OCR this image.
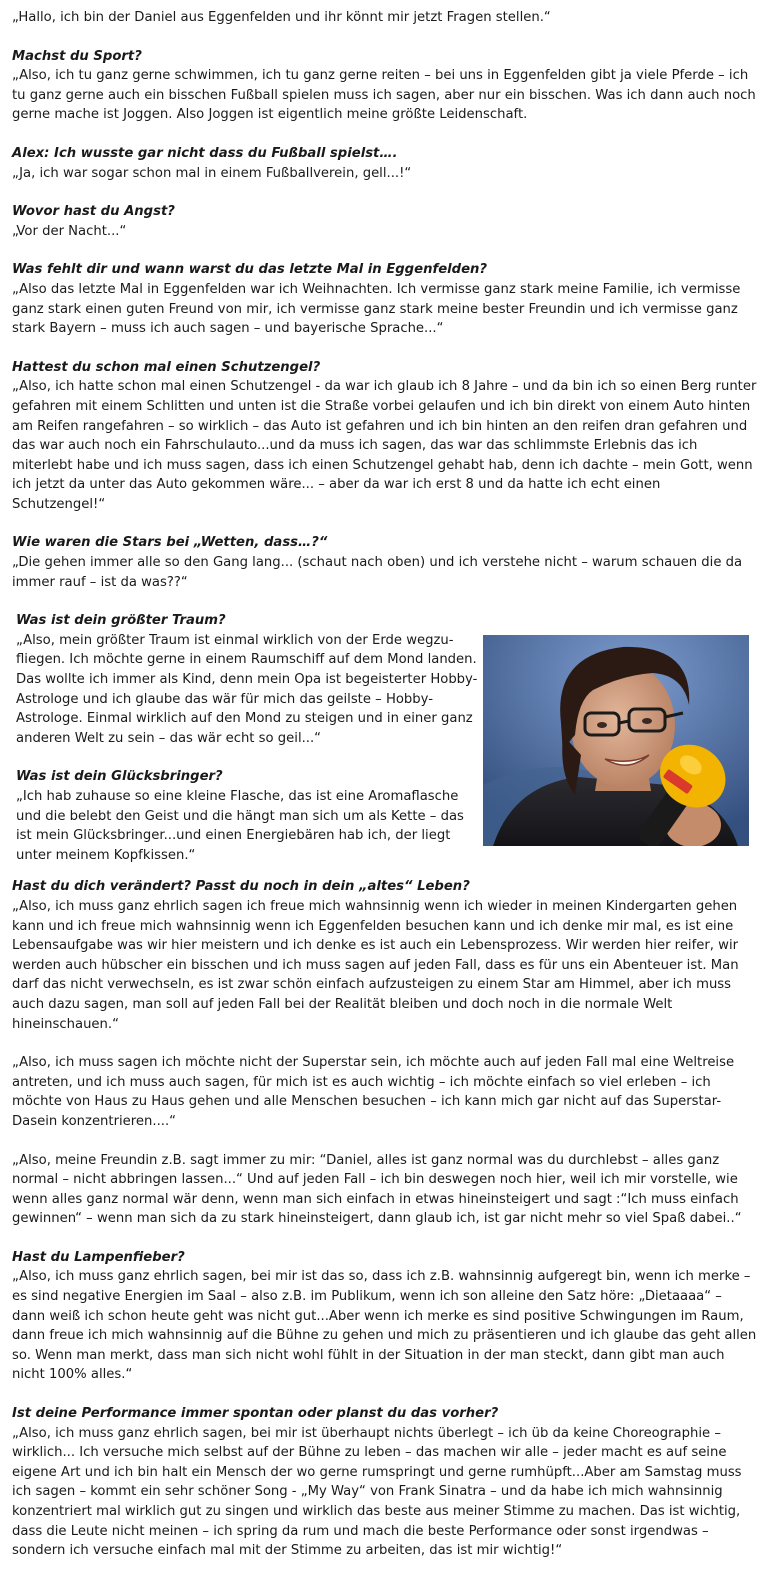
„Hallo, ich bin der Daniel aus Eggenfelden und ihr könnt mir jetzt Fragen stellen.“

Machst du Sport?

„Also, ich tu ganz gerne schwimmen, ich tu ganz gerne reiten – bei uns in Eggenfelden gibt ja viele Pferde – ich tu ganz gerne auch ein bisschen Fußball spielen muss ich sagen, aber nur ein bisschen. Was ich dann auch noch gerne mache ist Joggen. Also Joggen ist eigentlich meine größte Leidenschaft.

Alex: Ich wusste gar nicht dass du Fußball spielst….

„Ja, ich war sogar schon mal in einem Fußballverein, gell...!“

Wovor hast du Angst?

„Vor der Nacht...“

Was fehlt dir und wann warst du das letzte Mal in Eggenfelden?

„Also das letzte Mal in Eggenfelden war ich Weihnachten. Ich vermisse ganz stark meine Familie, ich vermisse ganz stark einen guten Freund von mir, ich vermisse ganz stark meine bester Freundin und ich vermisse ganz stark Bayern – muss ich auch sagen – und bayerische Sprache...“

Hattest du schon mal einen Schutzengel?

„Also, ich hatte schon mal einen Schutzengel - da war ich glaub ich 8 Jahre – und da bin ich so einen Berg runter gefahren mit einem Schlitten und unten ist die Straße vorbei gelaufen und ich bin direkt von einem Auto hinten am Reifen rangefahren – so wirklich – das Auto ist gefahren und ich bin hinten an den reifen dran gefahren und das war auch noch ein Fahrschulauto...und da muss ich sagen, das war das schlimmste Erlebnis das ich miterlebt habe und ich muss sagen, dass ich einen Schutzengel gehabt hab, denn ich dachte – mein Gott, wenn ich jetzt da unter das Auto gekommen wäre... – aber da war ich erst 8 und da hatte ich echt einen Schutzengel!“

Wie waren die Stars bei „Wetten, dass…?“

„Die gehen immer alle so den Gang lang... (schaut nach oben) und ich verstehe nicht – warum schauen die da immer rauf – ist da was??“

Was ist dein größter Traum?

„Also, mein größter Traum ist einmal wirklich von der Erde wegzu-fliegen. Ich möchte gerne in einem Raumschiff auf dem Mond landen. Das wollte ich immer als Kind, denn mein Opa ist begeisterter Hobby-Astrologe und ich glaube das wär für mich das geilste – Hobby-Astrologe. Einmal wirklich auf den Mond zu steigen und in einer ganz anderen Welt zu sein – das wär echt so geil...“

Was ist dein Glücksbringer?

„Ich hab zuhause so eine kleine Flasche, das ist eine Aromaflasche und die belebt den Geist und die hängt man sich um als Kette – das ist mein Glücksbringer...und einen Energiebären hab ich, der liegt unter meinem Kopfkissen.“

Hast du dich verändert? Passt du noch in dein „altes“ Leben?

„Also, ich muss ganz ehrlich sagen ich freue mich wahnsinnig wenn ich wieder in meinen Kindergarten gehen kann und ich freue mich wahnsinnig wenn ich Eggenfelden besuchen kann und ich denke mir mal, es ist eine Lebensaufgabe was wir hier meistern und ich denke es ist auch ein Lebensprozess. Wir werden hier reifer, wir werden auch hübscher ein bisschen und ich muss sagen auf jeden Fall, dass es für uns ein Abenteuer ist. Man darf das nicht verwechseln, es ist zwar schön einfach aufzusteigen zu einem Star am Himmel, aber ich muss auch dazu sagen, man soll auf jeden Fall bei der Realität bleiben und doch noch in die normale Welt hineinschauen.“

„Also, ich muss sagen ich möchte nicht der Superstar sein, ich möchte auch auf jeden Fall mal eine Weltreise antreten, und ich muss auch sagen, für mich ist es auch wichtig – ich möchte einfach so viel erleben – ich möchte von Haus zu Haus gehen und alle Menschen besuchen – ich kann mich gar nicht auf das Superstar-Dasein konzentrieren....“

„Also, meine Freundin z.B. sagt immer zu mir: “Daniel, alles ist ganz normal was du durchlebst – alles ganz normal – nicht abbringen lassen...“ Und auf jeden Fall – ich bin deswegen noch hier, weil ich mir vorstelle, wie wenn alles ganz normal wär denn, wenn man sich einfach in etwas hineinsteigert und sagt :“Ich muss einfach gewinnen“ – wenn man sich da zu stark hineinsteigert, dann glaub ich, ist gar nicht mehr so viel Spaß dabei..“

Hast du Lampenfieber?

„Also, ich muss ganz ehrlich sagen, bei mir ist das so, dass ich z.B. wahnsinnig aufgeregt bin, wenn ich merke – es sind negative Energien im Saal – also z.B. im Publikum, wenn ich son alleine den Satz höre: „Dietaaaa“ – dann weiß ich schon heute geht was nicht gut...Aber wenn ich merke es sind positive Schwingungen im Raum, dann freue ich mich wahnsinnig auf die Bühne zu gehen und mich zu präsentieren und ich glaube das geht allen so. Wenn man merkt, dass man sich nicht wohl fühlt in der Situation in der man steckt, dann gibt man auch nicht 100% alles.“

Ist deine Performance immer spontan oder planst du das vorher?

„Also, ich muss ganz ehrlich sagen, bei mir ist überhaupt nichts überlegt – ich üb da keine Choreographie – wirklich... Ich versuche mich selbst auf der Bühne zu leben – das machen wir alle – jeder macht es auf seine eigene Art und ich bin halt ein Mensch der wo gerne rumspringt und gerne rumhüpft...Aber am Samstag muss ich sagen – kommt ein sehr schöner Song - „My Way“ von Frank Sinatra – und da habe ich mich wahnsinnig konzentriert mal wirklich gut zu singen und wirklich das beste aus meiner Stimme zu machen. Das ist wichtig, dass die Leute nicht meinen – ich spring da rum und mach die beste Performance oder sonst irgendwas – sondern ich versuche einfach mal mit der Stimme zu arbeiten, das ist mir wichtig!“
